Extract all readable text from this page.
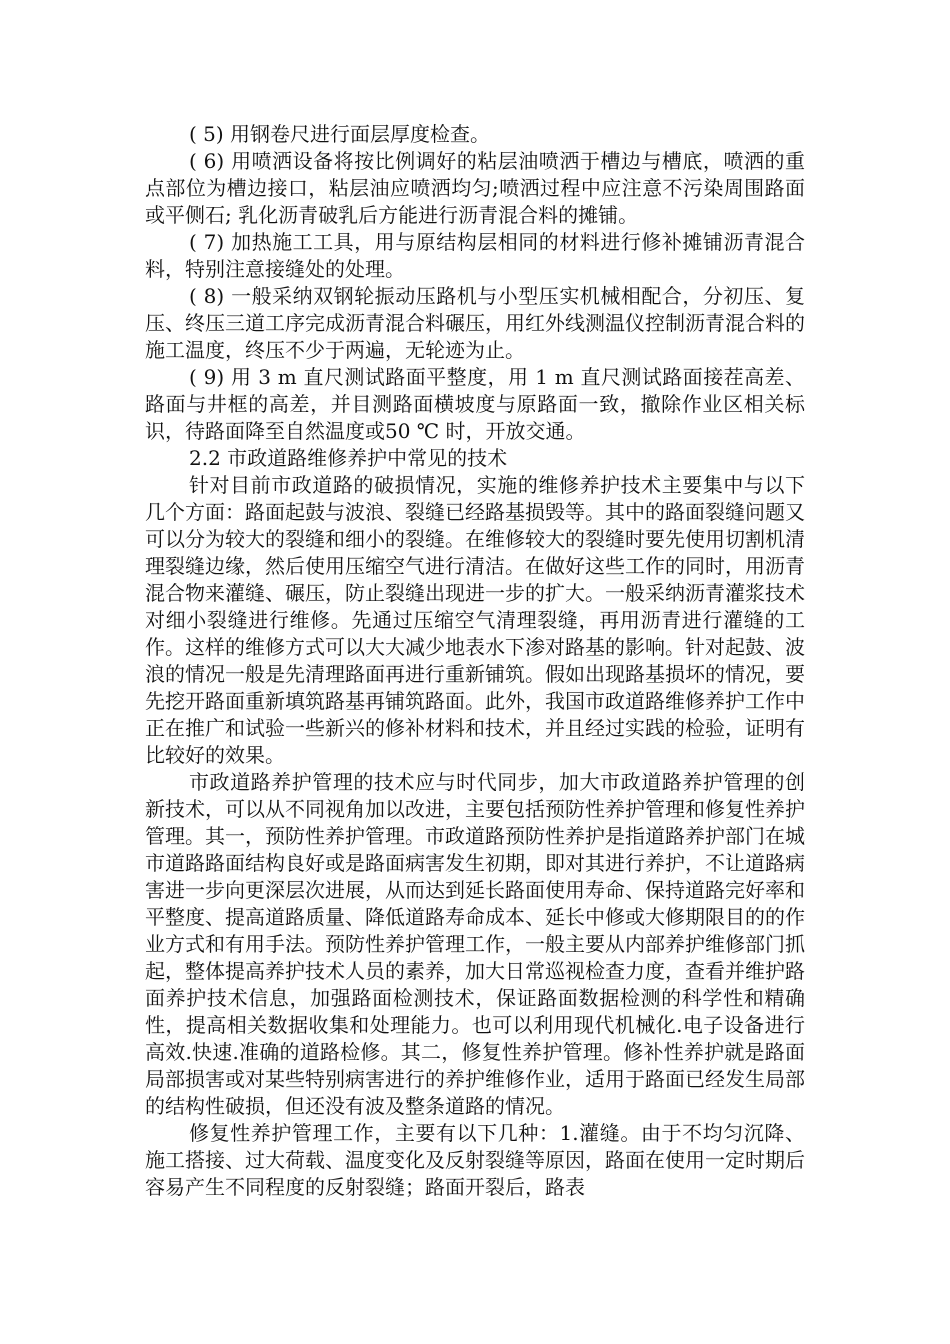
( 5) 用钢卷尺进行面层厚度检查。

( 6) 用喷洒设备将按比例调好的粘层油喷洒于槽边与槽底，喷洒的重点部位为槽边接口，粘层油应喷洒均匀;喷洒过程中应注意不污染周围路面或平侧石; 乳化沥青破乳后方能进行沥青混合料的摊铺。

( 7) 加热施工工具，用与原结构层相同的材料进行修补摊铺沥青混合料，特别注意接缝处的处理。

( 8) 一般采纳双钢轮振动压路机与小型压实机械相配合，分初压、复压、终压三道工序完成沥青混合料碾压，用红外线测温仪控制沥青混合料的施工温度，终压不少于两遍，无轮迹为止。

( 9) 用 3 m 直尺测试路面平整度，用 1 m 直尺测试路面接茬高差、路面与井框的高差，并目测路面横坡度与原路面一致，撤除作业区相关标识，待路面降至自然温度或50 ℃ 时，开放交通。

2.2 市政道路维修养护中常见的技术

针对目前市政道路的破损情况，实施的维修养护技术主要集中与以下几个方面：路面起鼓与波浪、裂缝已经路基损毁等。其中的路面裂缝问题又可以分为较大的裂缝和细小的裂缝。在维修较大的裂缝时要先使用切割机清理裂缝边缘，然后使用压缩空气进行清洁。在做好这些工作的同时，用沥青混合物来灌缝、碾压，防止裂缝出现进一步的扩大。一般采纳沥青灌浆技术对细小裂缝进行维修。先通过压缩空气清理裂缝，再用沥青进行灌缝的工作。这样的维修方式可以大大减少地表水下渗对路基的影响。针对起鼓、波浪的情况一般是先清理路面再进行重新铺筑。假如出现路基损坏的情况，要先挖开路面重新填筑路基再铺筑路面。此外，我国市政道路维修养护工作中正在推广和试验一些新兴的修补材料和技术，并且经过实践的检验，证明有比较好的效果。

市政道路养护管理的技术应与时代同步，加大市政道路养护管理的创新技术，可以从不同视角加以改进，主要包括预防性养护管理和修复性养护管理。其一，预防性养护管理。市政道路预防性养护是指道路养护部门在城市道路路面结构良好或是路面病害发生初期，即对其进行养护，不让道路病害进一步向更深层次进展，从而达到延长路面使用寿命、保持道路完好率和平整度、提高道路质量、降低道路寿命成本、延长中修或大修期限目的的作业方式和有用手法。预防性养护管理工作，一般主要从内部养护维修部门抓起，整体提高养护技术人员的素养，加大日常巡视检查力度，查看并维护路面养护技术信息，加强路面检测技术，保证路面数据检测的科学性和精确性，提高相关数据收集和处理能力。也可以利用现代机械化.电子设备进行高效.快速.准确的道路检修。其二，修复性养护管理。修补性养护就是路面局部损害或对某些特别病害进行的养护维修作业，适用于路面已经发生局部的结构性破损，但还没有波及整条道路的情况。

修复性养护管理工作，主要有以下几种：1.灌缝。由于不均匀沉降、施工搭接、过大荷载、温度变化及反射裂缝等原因，路面在使用一定时期后容易产生不同程度的反射裂缝；路面开裂后，路表
